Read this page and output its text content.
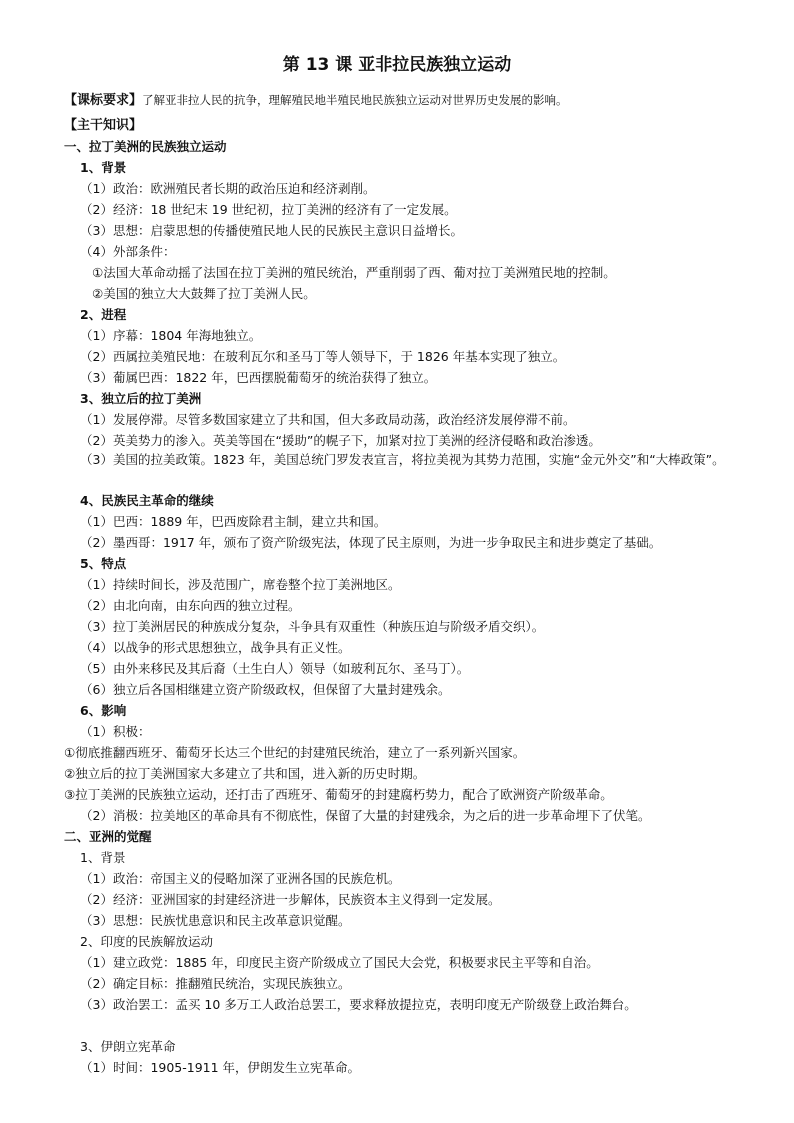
第 13 课 亚非拉民族独立运动
【课标要求】了解亚非拉人民的抗争，理解殖民地半殖民地民族独立运动对世界历史发展的影响。
【主干知识】
一、拉丁美洲的民族独立运动
1、背景
（1）政治：欧洲殖民者长期的政治压迫和经济剥削。
（2）经济：18 世纪末 19 世纪初，拉丁美洲的经济有了一定发展。
（3）思想：启蒙思想的传播使殖民地人民的民族民主意识日益增长。
（4）外部条件：
①法国大革命动摇了法国在拉丁美洲的殖民统治，严重削弱了西、葡对拉丁美洲殖民地的控制。
②美国的独立大大鼓舞了拉丁美洲人民。
2、进程
（1）序幕：1804 年海地独立。
（2）西属拉美殖民地：在玻利瓦尔和圣马丁等人领导下，于 1826 年基本实现了独立。
（3）葡属巴西：1822 年，巴西摆脱葡萄牙的统治获得了独立。
3、独立后的拉丁美洲
（1）发展停滞。尽管多数国家建立了共和国，但大多政局动荡，政治经济发展停滞不前。
（2）英美势力的渗入。英美等国在“援助”的幌子下，加紧对拉丁美洲的经济侵略和政治渗透。
（3）美国的拉美政策。1823 年，美国总统门罗发表宣言，将拉美视为其势力范围，实施“金元外交”和“大棒政策”。
4、民族民主革命的继续
（1）巴西：1889 年，巴西废除君主制，建立共和国。
（2）墨西哥：1917 年，颁布了资产阶级宪法，体现了民主原则，为进一步争取民主和进步奠定了基础。
5、特点
（1）持续时间长，涉及范围广，席卷整个拉丁美洲地区。
（2）由北向南，由东向西的独立过程。
（3）拉丁美洲居民的种族成分复杂，斗争具有双重性（种族压迫与阶级矛盾交织）。
（4）以战争的形式思想独立，战争具有正义性。
（5）由外来移民及其后裔（土生白人）领导（如玻利瓦尔、圣马丁）。
（6）独立后各国相继建立资产阶级政权，但保留了大量封建残余。
6、影响
（1）积极：
①彻底推翻西班牙、葡萄牙长达三个世纪的封建殖民统治，建立了一系列新兴国家。
②独立后的拉丁美洲国家大多建立了共和国，进入新的历史时期。
③拉丁美洲的民族独立运动，还打击了西班牙、葡萄牙的封建腐朽势力，配合了欧洲资产阶级革命。
（2）消极：拉美地区的革命具有不彻底性，保留了大量的封建残余，为之后的进一步革命埋下了伏笔。
二、亚洲的觉醒
1、背景
（1）政治：帝国主义的侵略加深了亚洲各国的民族危机。
（2）经济：亚洲国家的封建经济进一步解体，民族资本主义得到一定发展。
（3）思想：民族忧患意识和民主改革意识觉醒。
2、印度的民族解放运动
（1）建立政党：1885 年，印度民主资产阶级成立了国民大会党，积极要求民主平等和自治。
（2）确定目标：推翻殖民统治，实现民族独立。
（3）政治罢工：孟买 10 多万工人政治总罢工，要求释放提拉克，表明印度无产阶级登上政治舞台。
3、伊朗立宪革命
（1）时间：1905-1911 年，伊朗发生立宪革命。
